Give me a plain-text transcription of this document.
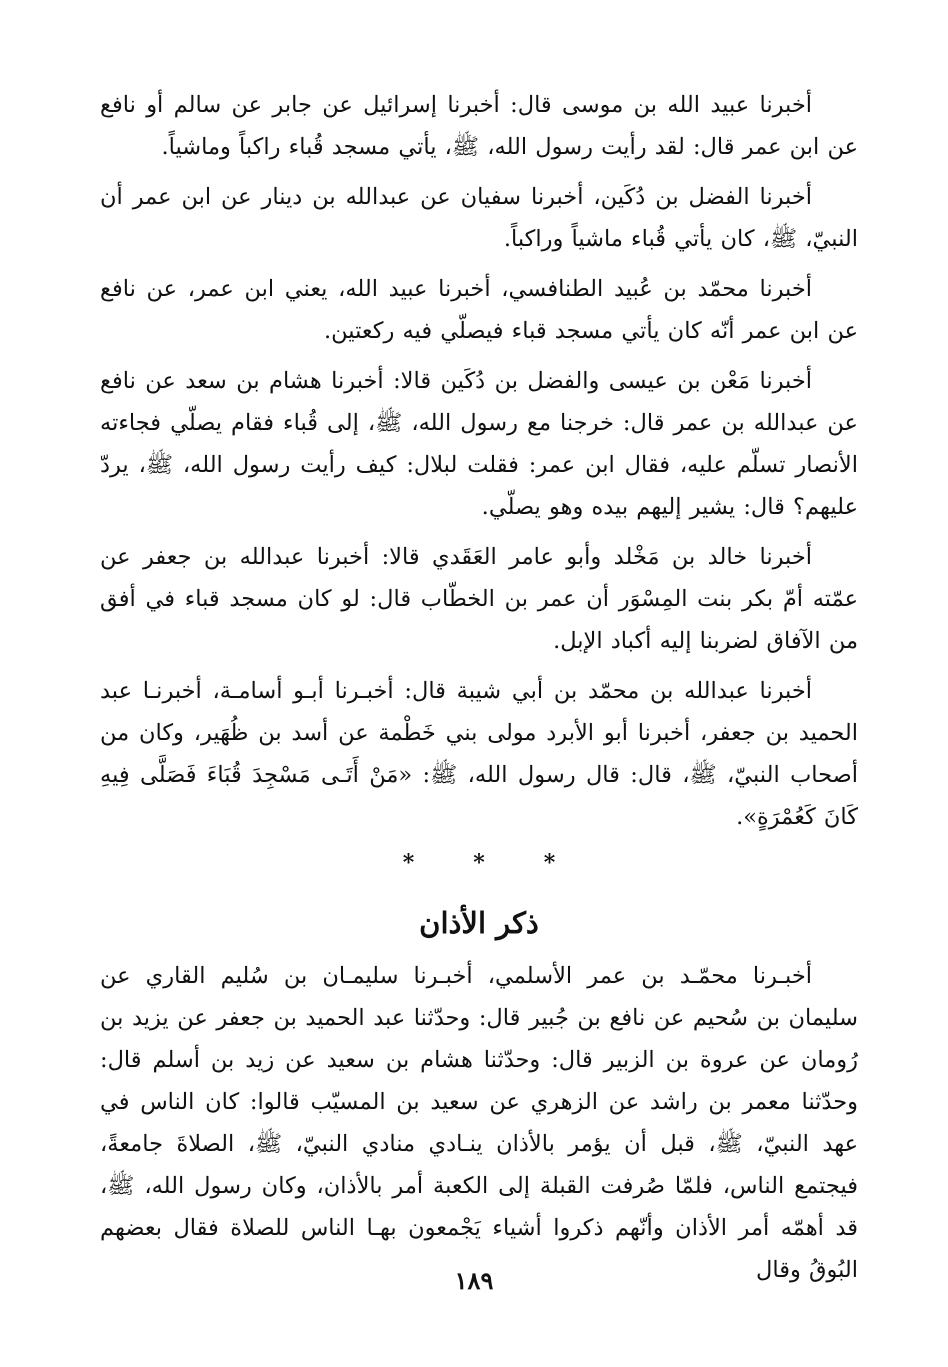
أخبرنا عبيد الله بن موسى قال: أخبرنا إسرائيل عن جابر عن سالم أو نافع عن ابن عمر قال: لقد رأيت رسول الله، ﷺ، يأتي مسجد قُباء راكباً وماشياً.

أخبرنا الفضل بن دُكَين، أخبرنا سفيان عن عبدالله بن دينار عن ابن عمر أن النبيّ، ﷺ، كان يأتي قُباء ماشياً وراكباً.

أخبرنا محمّد بن عُبيد الطنافسي، أخبرنا عبيد الله، يعني ابن عمر، عن نافع عن ابن عمر أنّه كان يأتي مسجد قباء فيصلّي فيه ركعتين.

أخبرنا مَعْن بن عيسى والفضل بن دُكَين قالا: أخبرنا هشام بن سعد عن نافع عن عبدالله بن عمر قال: خرجنا مع رسول الله، ﷺ، إلى قُباء فقام يصلّي فجاءته الأنصار تسلّم عليه، فقال ابن عمر: فقلت لبلال: كيف رأيت رسول الله، ﷺ، يردّ عليهم؟ قال: يشير إليهم بيده وهو يصلّي.

أخبرنا خالد بن مَخْلد وأبو عامر العَقَدي قالا: أخبرنا عبدالله بن جعفر عن عمّته أمّ بكر بنت المِسْوَر أن عمر بن الخطّاب قال: لو كان مسجد قباء في أفق من الآفاق لضربنا إليه أكباد الإبل.

أخبرنا عبدالله بن محمّد بن أبي شيبة قال: أخبـرنا أبـو أسامـة، أخبرنـا عبد الحميد بن جعفر، أخبرنا أبو الأبرد مولى بني خَطْمة عن أسد بن ظُهَير، وكان من أصحاب النبيّ، ﷺ، قال: قال رسول الله، ﷺ: «مَنْ أَتَـى مَسْجِدَ قُبَاءَ فَصَلَّى فِيهِ كَانَ كَعُمْرَةٍ».

* * *
ذكر الأذان

أخبـرنا محمّـد بن عمر الأسلمي، أخبـرنا سليمـان بن سُليم القاري عن سليمان بن سُحيم عن نافع بن جُبير قال: وحدّثنا عبد الحميد بن جعفر عن يزيد بن رُومان عن عروة بن الزبير قال: وحدّثنا هشام بن سعيد عن زيد بن أسلم قال: وحدّثنا معمر بن راشد عن الزهري عن سعيد بن المسيّب قالوا: كان الناس في عهد النبيّ، ﷺ، قبل أن يؤمر بالأذان ينـادي منادي النبيّ، ﷺ، الصلاةَ جامعةً، فيجتمع الناس، فلمّا صُرفت القبلة إلى الكعبة أمر بالأذان، وكان رسول الله، ﷺ، قد أهمّه أمر الأذان وأنّهم ذكروا أشياء يَجْمعون بهـا الناس للصلاة فقال بعضهم البُوقُ وقال

١٨٩
